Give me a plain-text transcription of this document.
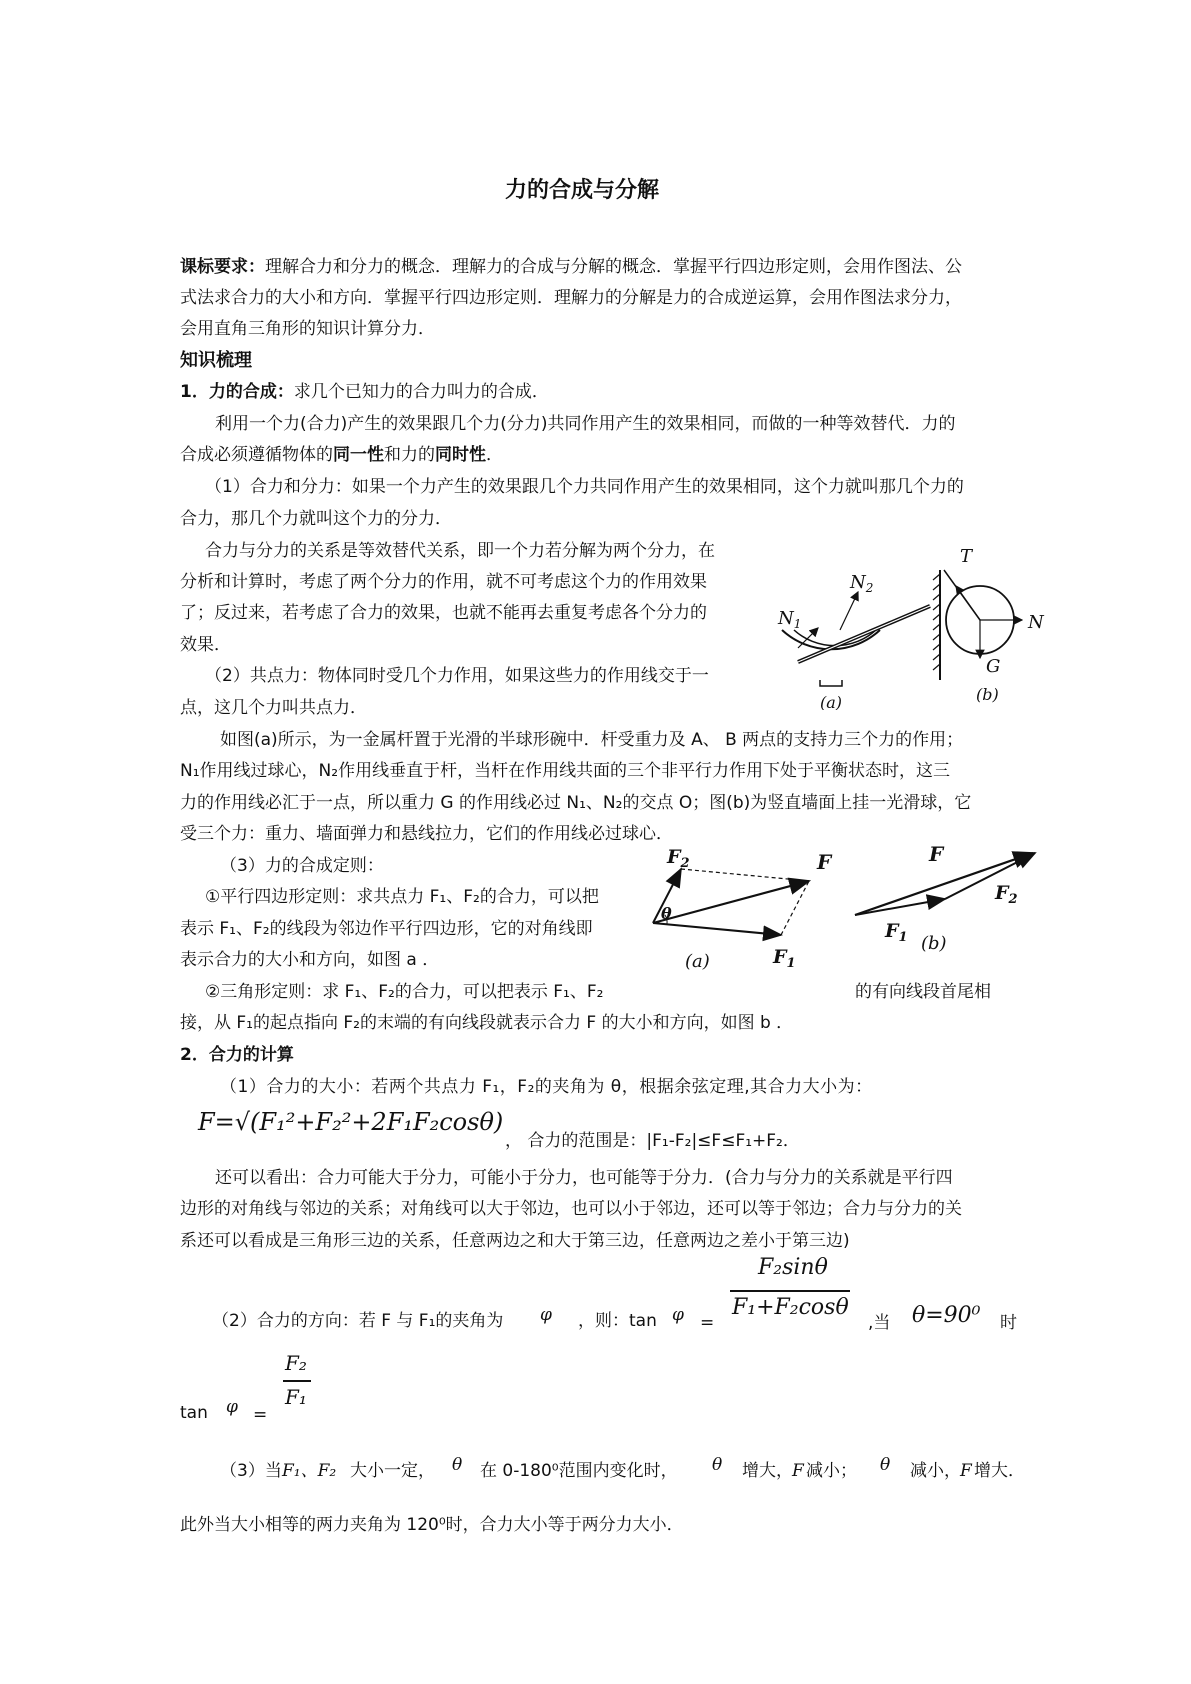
力的合成与分解
课标要求：理解合力和分力的概念．理解力的合成与分解的概念．掌握平行四边形定则，会用作图法、公
式法求合力的大小和方向．掌握平行四边形定则．理解力的分解是力的合成逆运算，会用作图法求分力，
会用直角三角形的知识计算分力．
知识梳理
1．力的合成：求几个已知力的合力叫力的合成．
利用一个力(合力)产生的效果跟几个力(分力)共同作用产生的效果相同，而做的一种等效替代．力的
合成必须遵循物体的同一性和力的同时性．
（1）合力和分力：如果一个力产生的效果跟几个力共同作用产生的效果相同，这个力就叫那几个力的
合力，那几个力就叫这个力的分力．
合力与分力的关系是等效替代关系，即一个力若分解为两个分力，在
分析和计算时，考虑了两个分力的作用，就不可考虑这个力的作用效果
了；反过来，若考虑了合力的效果，也就不能再去重复考虑各个分力的
效果．
（2）共点力：物体同时受几个力作用，如果这些力的作用线交于一
点，这几个力叫共点力．
$N_1$
$N_2$
(a)
T
N
G
(b)
如图(a)所示，为一金属杆置于光滑的半球形碗中．杆受重力及 A、 B 两点的支持力三个力的作用；
N₁作用线过球心，N₂作用线垂直于杆，当杆在作用线共面的三个非平行力作用下处于平衡状态时，这三
力的作用线必汇于一点，所以重力 G 的作用线必过 N₁、N₂的交点 O；图(b)为竖直墙面上挂一光滑球，它
受三个力：重力、墙面弹力和悬线拉力，它们的作用线必过球心．
（3）力的合成定则：
①平行四边形定则：求共点力 F₁、F₂的合力，可以把
表示 F₁、F₂的线段为邻边作平行四边形，它的对角线即
表示合力的大小和方向，如图 a ．
θ
$F_2$	F
$F_1$
(a)
F
$F_1$
$F_2$
(b)
②三角形定则：求 F₁、F₂的合力，可以把表示 F₁、F₂	的有向线段首尾相
接，从 F₁的起点指向 F₂的末端的有向线段就表示合力 F 的大小和方向，如图 b ．
2．合力的计算
（1）合力的大小：若两个共点力 F₁，F₂的夹角为 θ，根据余弦定理,其合力大小为：
F=√(F₁²+F₂²+2F₁F₂cosθ)
， 合力的范围是：|F₁-F₂|≤F≤F₁+F₂．
还可以看出：合力可能大于分力，可能小于分力，也可能等于分力．(合力与分力的关系就是平行四
边形的对角线与邻边的关系；对角线可以大于邻边，也可以小于邻边，还可以等于邻边；合力与分力的关
系还可以看成是三角形三边的关系，任意两边之和大于第三边，任意两边之差小于第三边)
（2）合力的方向：若 F 与 F₁的夹角为 φ ，则：tan φ =
F₂sinθ
F₁+F₂cosθ
,当 θ=90⁰ 时
tan φ =
F₂
F₁
（3）当 F₁、F₂ 大小一定， θ 在 0-180⁰范围内变化时， θ 增大， F 减小； θ 减小， F 增大．
此外当大小相等的两力夹角为 120⁰时，合力大小等于两分力大小．
